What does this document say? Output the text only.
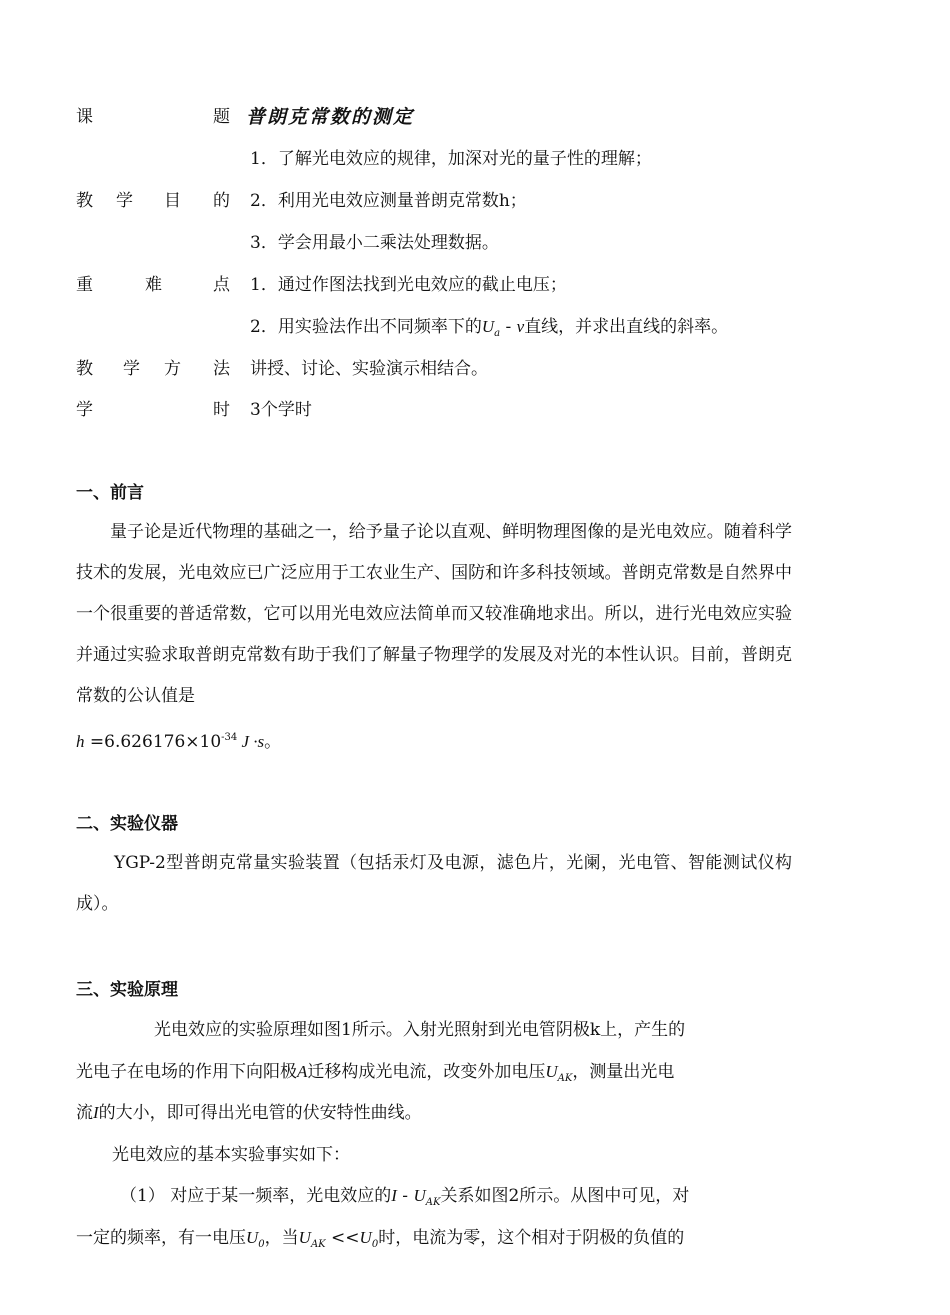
课	题 普朗克常数的测定
1．了解光电效应的规律，加深对光的量子性的理解；
教 学 目 的 2．利用光电效应测量普朗克常数h；
3．学会用最小二乘法处理数据。
重	难	点 1．通过作图法找到光电效应的截止电压；
2．用实验法作出不同频率下的$U_a$ - ν直线，并求出直线的斜率。
教 学 方 法 讲授、讨论、实验演示相结合。
学	时 3个学时
一、前言
量子论是近代物理的基础之一，给予量子论以直观、鲜明物理图像的是光电效应。随着科学技术的发展，光电效应已广泛应用于工农业生产、国防和许多科技领域。普朗克常数是自然界中一个很重要的普适常数，它可以用光电效应法简单而又较准确地求出。所以，进行光电效应实验并通过实验求取普朗克常数有助于我们了解量子物理学的发展及对光的本性认识。目前，普朗克常数的公认值是
$h =6.626176\times 10^{-34}$ J ·s。
二、实验仪器
YGP-2型普朗克常量实验装置（包括汞灯及电源，滤色片，光阑，光电管、智能测试仪构成）。
三、实验原理
光电效应的实验原理如图1所示。入射光照射到光电管阴极k上，产生的
光电子在电场的作用下向阳极A迁移构成光电流，改变外加电压$U_{AK}$，测量出光电
流I的大小，即可得出光电管的伏安特性曲线。
光电效应的基本实验事实如下：
（1） 对应于某一频率，光电效应的I - $U_{AK}$关系如图2所示。从图中可见，对
一定的频率，有一电压$U_0$，当$U_{AK} <<U_0$时，电流为零，这个相对于阴极的负值的
